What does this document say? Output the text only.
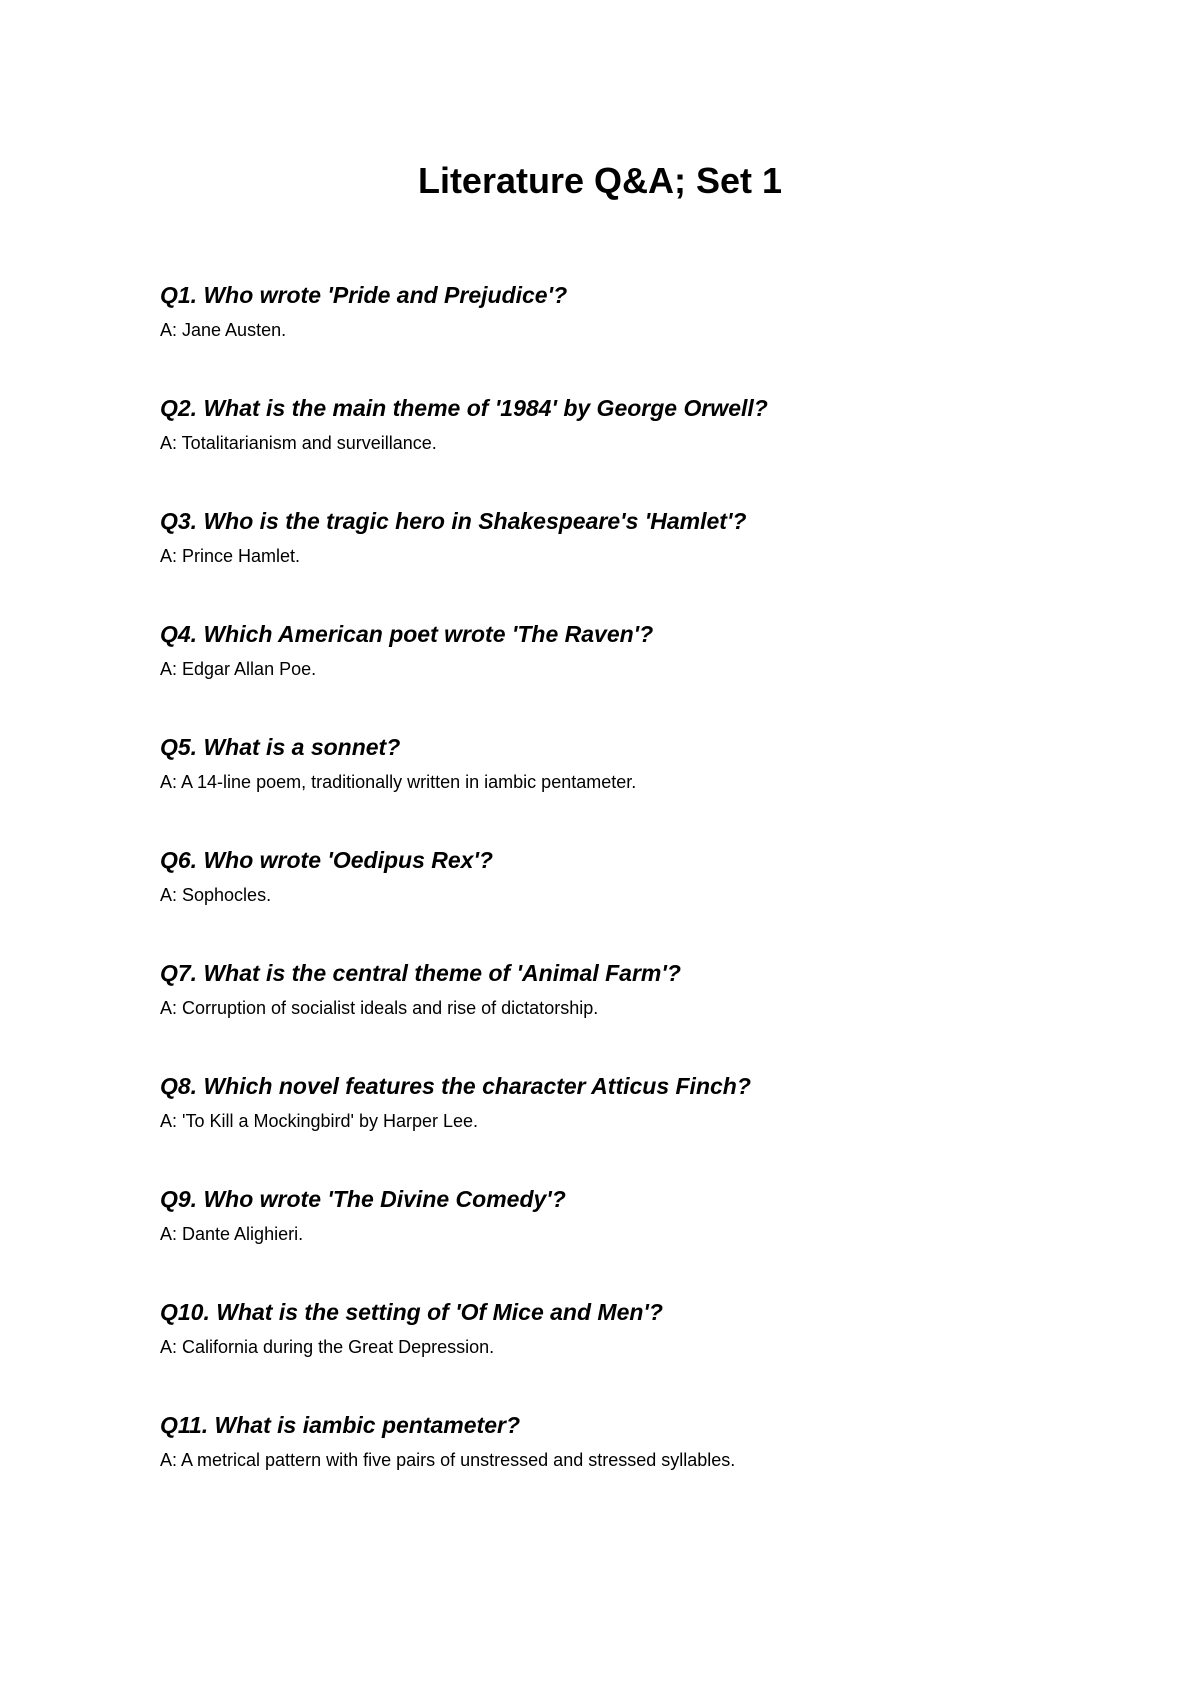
Literature Q&A; Set 1

Q1. Who wrote 'Pride and Prejudice'?

A: Jane Austen.

Q2. What is the main theme of '1984' by George Orwell?

A: Totalitarianism and surveillance.

Q3. Who is the tragic hero in Shakespeare's 'Hamlet'?

A: Prince Hamlet.

Q4. Which American poet wrote 'The Raven'?

A: Edgar Allan Poe.

Q5. What is a sonnet?

A: A 14-line poem, traditionally written in iambic pentameter.

Q6. Who wrote 'Oedipus Rex'?

A: Sophocles.

Q7. What is the central theme of 'Animal Farm'?

A: Corruption of socialist ideals and rise of dictatorship.

Q8. Which novel features the character Atticus Finch?

A: 'To Kill a Mockingbird' by Harper Lee.

Q9. Who wrote 'The Divine Comedy'?

A: Dante Alighieri.

Q10. What is the setting of 'Of Mice and Men'?

A: California during the Great Depression.

Q11. What is iambic pentameter?

A: A metrical pattern with five pairs of unstressed and stressed syllables.
